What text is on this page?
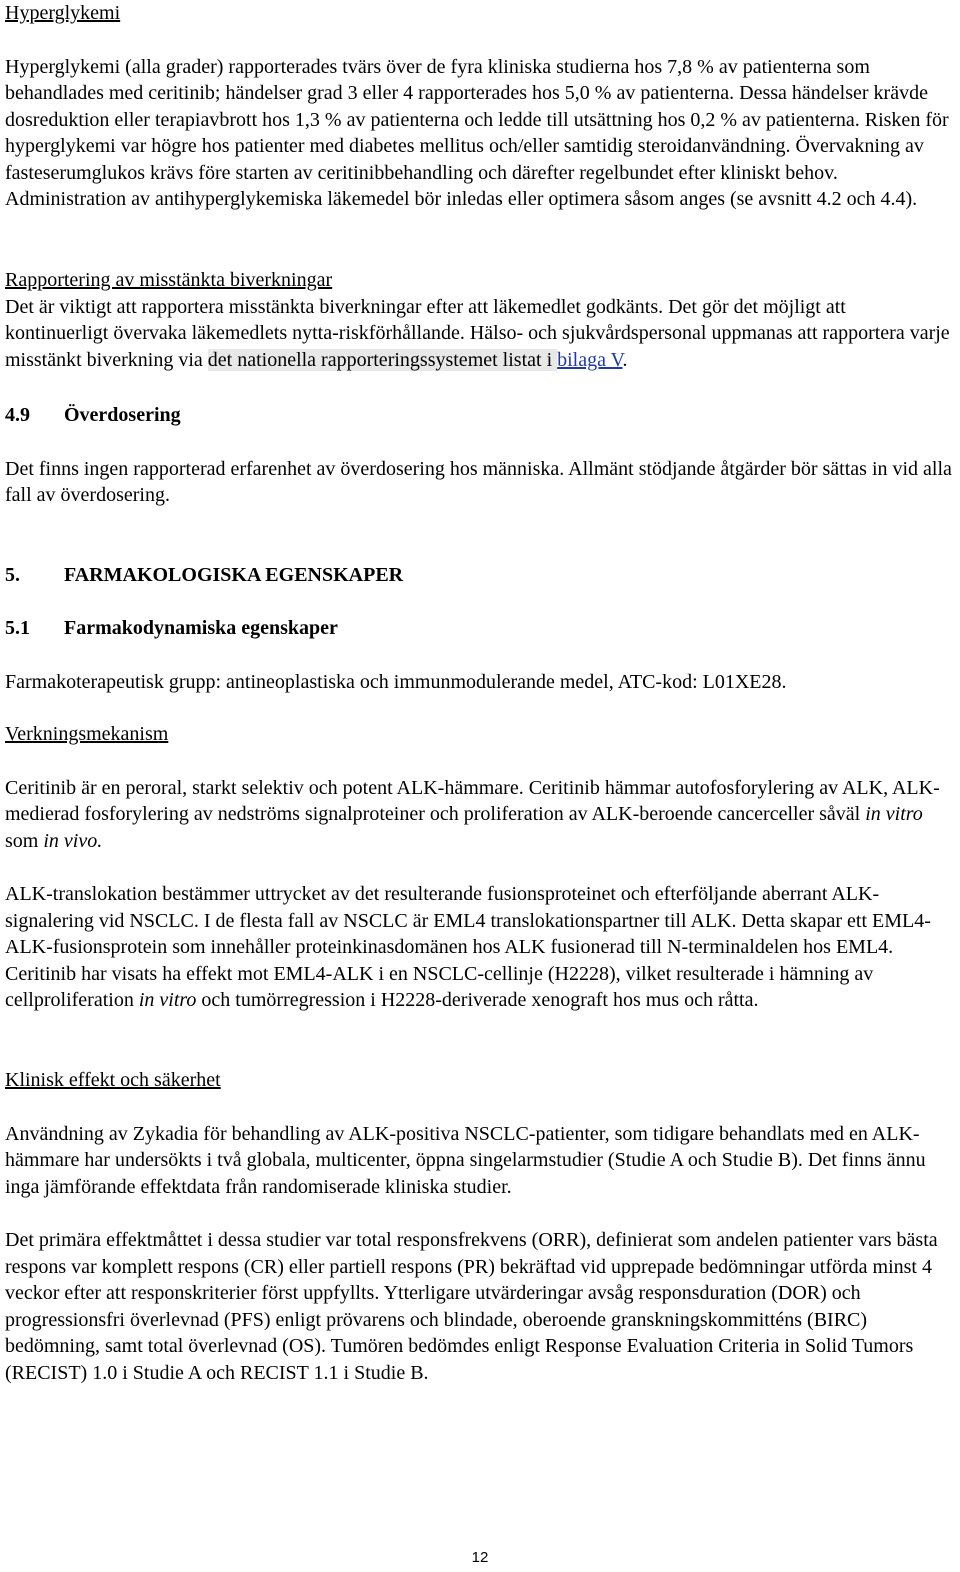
Hyperglykemi

Hyperglykemi (alla grader) rapporterades tvärs över de fyra kliniska studierna hos 7,8 % av patienterna som behandlades med ceritinib; händelser grad 3 eller 4 rapporterades hos 5,0 % av patienterna. Dessa händelser krävde dosreduktion eller terapiavbrott hos 1,3 % av patienterna och ledde till utsättning hos 0,2 % av patienterna. Risken för hyperglykemi var högre hos patienter med diabetes mellitus och/eller samtidig steroidanvändning. Övervakning av fasteserumglukos krävs före starten av ceritinibbehandling och därefter regelbundet efter kliniskt behov. Administration av antihyperglykemiska läkemedel bör inledas eller optimera såsom anges (se avsnitt 4.2 och 4.4).

Rapportering av misstänkta biverkningar

Det är viktigt att rapportera misstänkta biverkningar efter att läkemedlet godkänts. Det gör det möjligt att kontinuerligt övervaka läkemedlets nytta-riskförhållande. Hälso- och sjukvårdspersonal uppmanas att rapportera varje misstänkt biverkning via det nationella rapporteringssystemet listat i bilaga V.

4.9	Överdosering

Det finns ingen rapporterad erfarenhet av överdosering hos människa. Allmänt stödjande åtgärder bör sättas in vid alla fall av överdosering.

5.	FARMAKOLOGISKA EGENSKAPER

5.1	Farmakodynamiska egenskaper

Farmakoterapeutisk grupp: antineoplastiska och immunmodulerande medel, ATC-kod: L01XE28.

Verkningsmekanism

Ceritinib är en peroral, starkt selektiv och potent ALK-hämmare. Ceritinib hämmar autofosforylering av ALK, ALK-medierad fosforylering av nedströms signalproteiner och proliferation av ALK-beroende cancerceller såväl in vitro som in vivo.

ALK-translokation bestämmer uttrycket av det resulterande fusionsproteinet och efterföljande aberrant ALK-signalering vid NSCLC. I de flesta fall av NSCLC är EML4 translokationspartner till ALK. Detta skapar ett EML4-ALK-fusionsprotein som innehåller proteinkinasdomänen hos ALK fusionerad till N-terminaldelen hos EML4. Ceritinib har visats ha effekt mot EML4-ALK i en NSCLC-cellinje (H2228), vilket resulterade i hämning av cellproliferation in vitro och tumörregression i H2228-deriverade xenograft hos mus och råtta.

Klinisk effekt och säkerhet

Användning av Zykadia för behandling av ALK-positiva NSCLC-patienter, som tidigare behandlats med en ALK-hämmare har undersökts i två globala, multicenter, öppna singelarmstudier (Studie A och Studie B). Det finns ännu inga jämförande effektdata från randomiserade kliniska studier.

Det primära effektmåttet i dessa studier var total responsfrekvens (ORR), definierat som andelen patienter vars bästa respons var komplett respons (CR) eller partiell respons (PR) bekräftad vid upprepade bedömningar utförda minst 4 veckor efter att responskriterier först uppfyllts. Ytterligare utvärderingar avsåg responsduration (DOR) och progressionsfri överlevnad (PFS) enligt prövarens och blindade, oberoende granskningskommitténs (BIRC) bedömning, samt total överlevnad (OS). Tumören bedömdes enligt Response Evaluation Criteria in Solid Tumors (RECIST) 1.0 i Studie A och RECIST 1.1 i Studie B.

12
